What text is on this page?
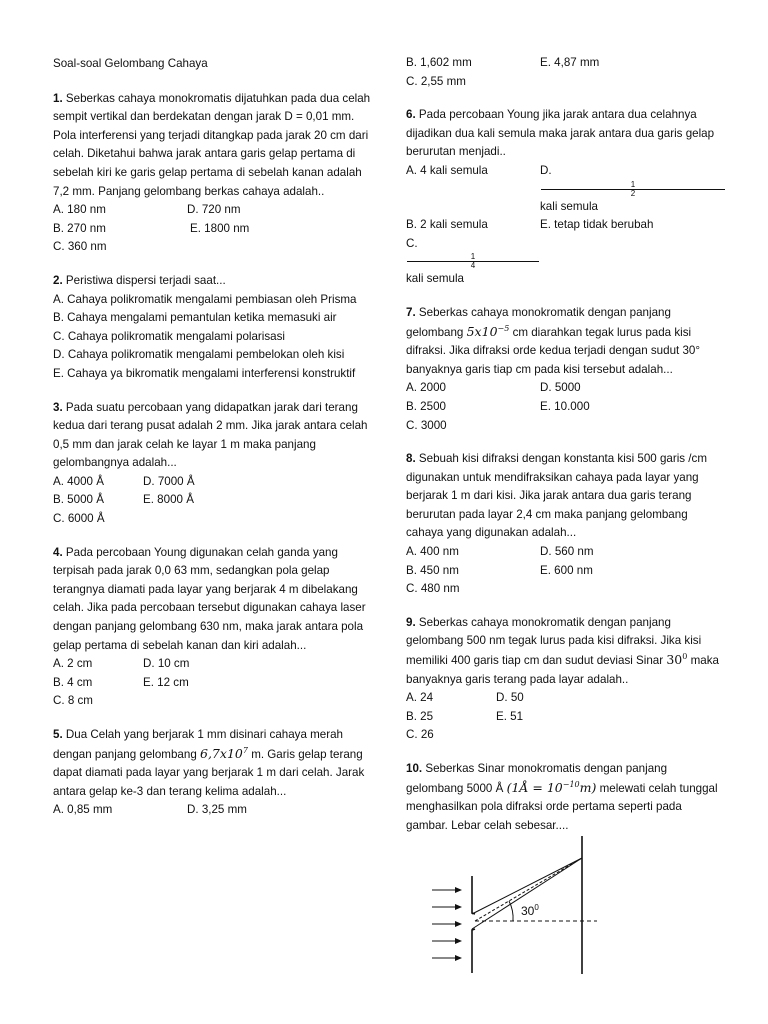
Soal-soal Gelombang Cahaya
1. Seberkas cahaya monokromatis dijatuhkan pada dua celah sempit vertikal dan berdekatan dengan jarak D = 0,01 mm. Pola interferensi yang terjadi ditangkap pada jarak 20 cm dari celah. Diketahui bahwa jarak antara garis gelap pertama di sebelah kiri ke garis gelap pertama di sebelah kanan adalah 7,2 mm. Panjang gelombang berkas cahaya adalah..
A. 180 nm	D. 720 nm
B. 270 nm	E. 1800 nm
C. 360 nm
2. Peristiwa dispersi terjadi saat...

A. Cahaya polikromatik mengalami pembiasan oleh Prisma

B. Cahaya mengalami pemantulan ketika memasuki air

C. Cahaya polikromatik mengalami polarisasi

D. Cahaya polikromatik mengalami pembelokan oleh kisi

E. Cahaya ya bikromatik mengalami interferensi konstruktif

3. Pada suatu percobaan yang didapatkan jarak dari terang kedua dari terang pusat adalah 2 mm. Jika jarak antara celah 0,5 mm dan jarak celah ke layar 1 m maka panjang gelombangnya adalah...
A. 4000 Å	D. 7000 Å
B. 5000 Å	E. 8000 Å
C. 6000 Å
4. Pada percobaan Young digunakan celah ganda yang terpisah pada jarak 0,0 63 mm, sedangkan pola gelap terangnya diamati pada layar yang berjarak 4 m dibelakang celah. Jika pada percobaan tersebut digunakan cahaya laser dengan panjang gelombang 630 nm, maka jarak antara pola gelap pertama di sebelah kanan dan kiri adalah...
A. 2 cm	D. 10 cm
B. 4 cm	E. 12 cm
C. 8 cm
5. Dua Celah yang berjarak 1 mm disinari cahaya merah dengan panjang gelombang $6,7x10^7$ m. Garis gelap terang dapat diamati pada layar yang berjarak 1 m dari celah. Jarak antara gelap ke-3 dan terang kelima adalah...
A. 0,85 mm	D. 3,25 mm
B. 1,602 mm	E. 4,87 mm
C. 2,55 mm
6. Pada percobaan Young jika jarak antara dua celahnya dijadikan dua kali semula maka jarak antara dua garis gelap berurutan menjadi..
A. 4 kali semula	D.
1
2
kali semula
B. 2 kali semula	E. tetap tidak berubah
C.
1
4
kali semula
7. Seberkas cahaya monokromatik dengan panjang gelombang $5x10^{-5}$ cm diarahkan tegak lurus pada kisi difraksi. Jika difraksi orde kedua terjadi dengan sudut 30° banyaknya garis tiap cm pada kisi tersebut adalah...
A. 2000	D. 5000
B. 2500	E. 10.000
C. 3000
8. Sebuah kisi difraksi dengan konstanta kisi 500 garis /cm digunakan untuk mendifraksikan cahaya pada layar yang berjarak 1 m dari kisi. Jika jarak antara dua garis terang berurutan pada layar 2,4 cm maka panjang gelombang cahaya yang digunakan adalah...
A. 400 nm	D. 560 nm
B. 450 nm	E. 600 nm
C. 480 nm
9. Seberkas cahaya monokromatik dengan panjang gelombang 500 nm tegak lurus pada kisi difraksi. Jika kisi memiliki 400 garis tiap cm dan sudut deviasi Sinar $30^0$ maka banyaknya garis terang pada layar adalah..
A. 24	D. 50
B. 25	E. 51
C. 26
10. Seberkas Sinar monokromatis dengan panjang gelombang 5000 Å (1Å = $10^{-10}m$) melewati celah tunggal menghasilkan pola difraksi orde pertama seperti pada gambar. Lebar celah sebesar....
$30^0$
